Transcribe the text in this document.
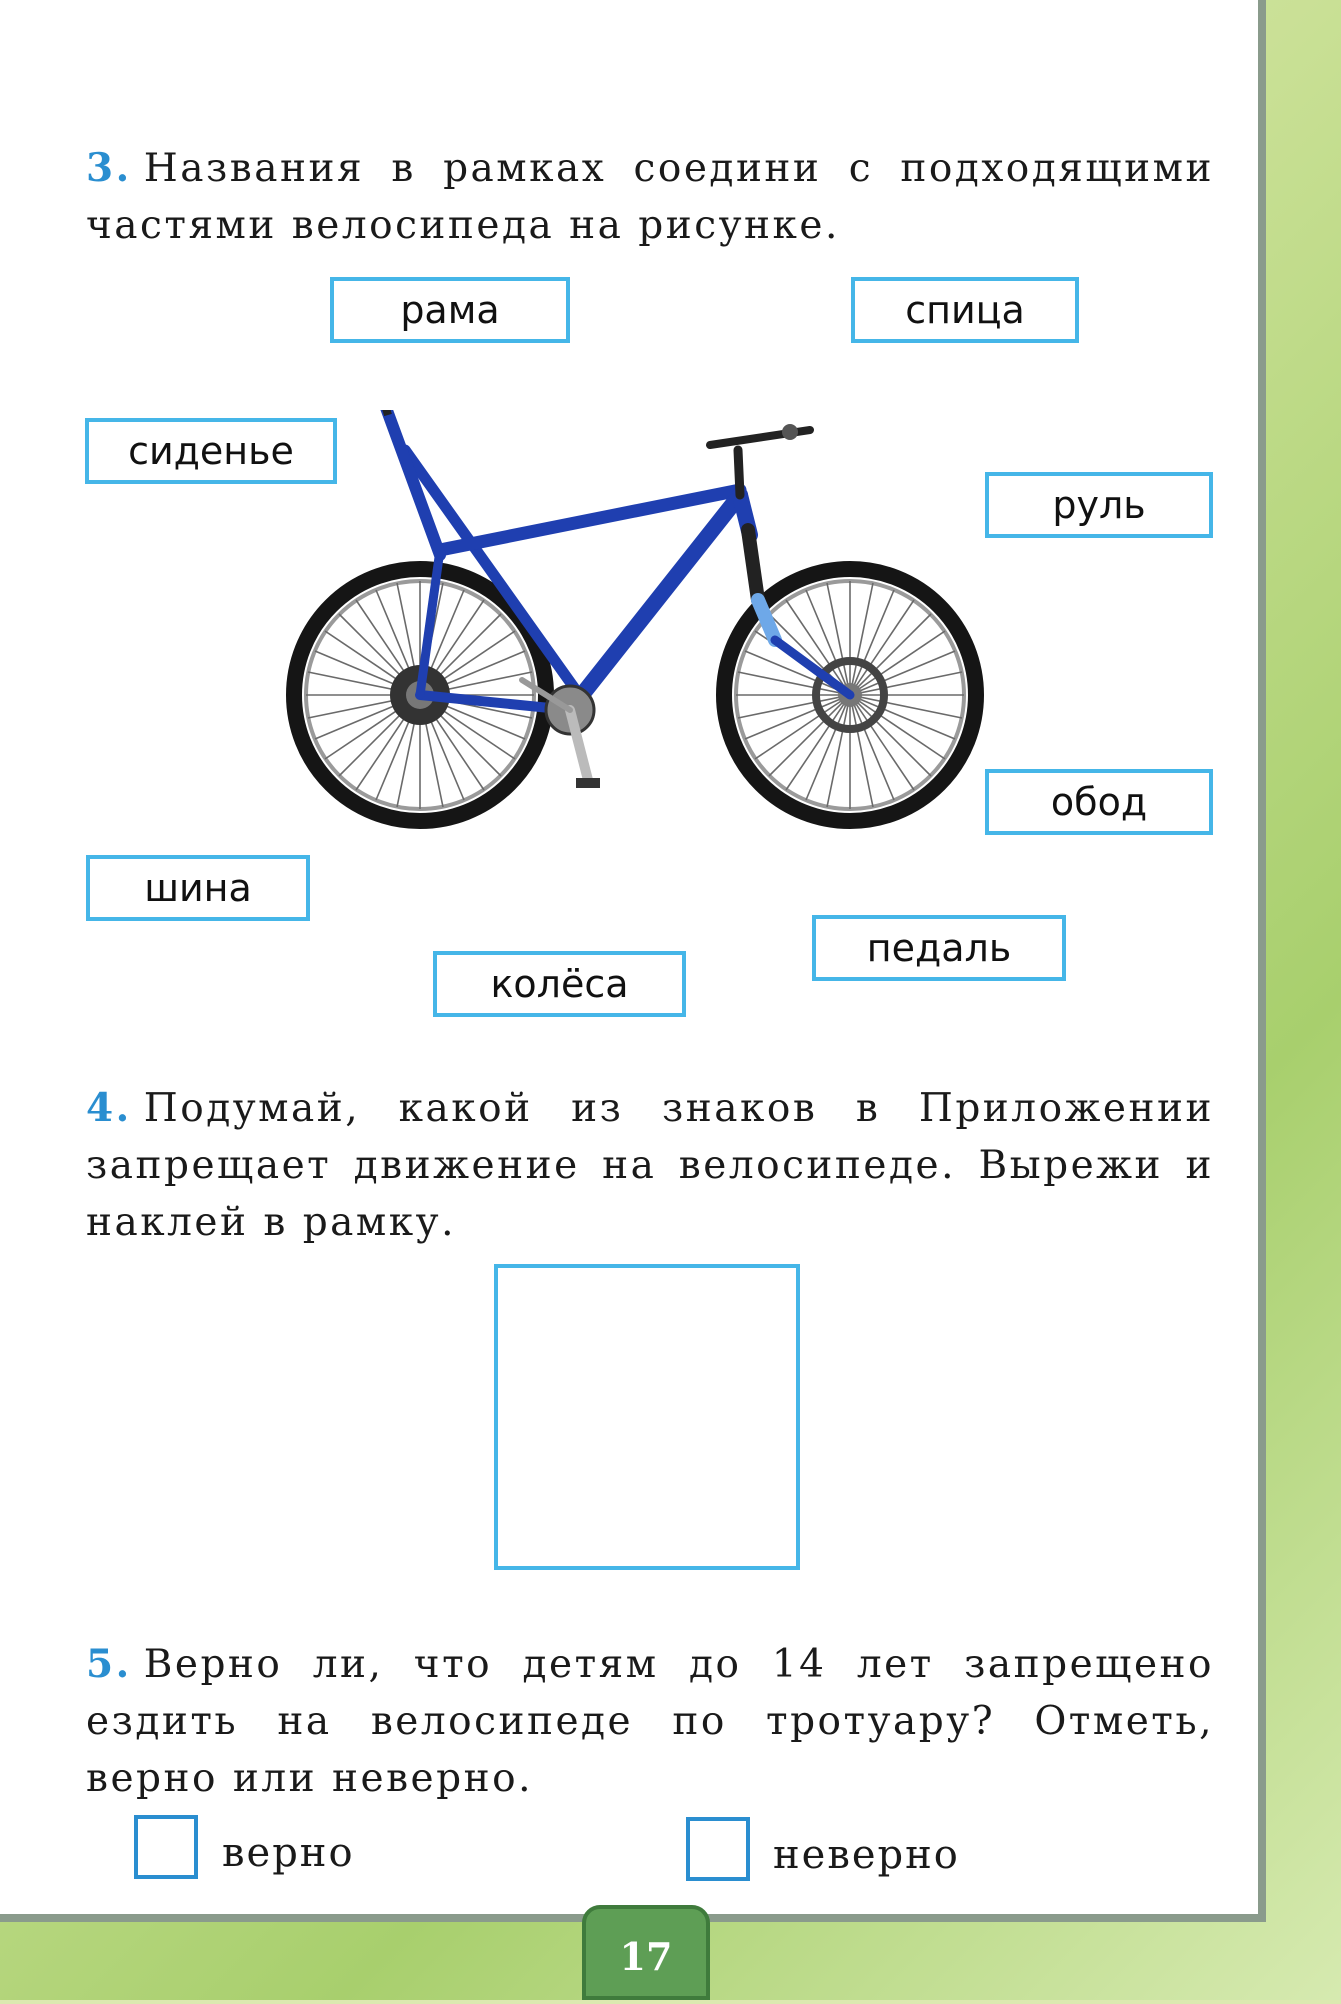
3. Названия в рамках соедини с подходящими частями велосипеда на рисунке.
рама	спица
сиденье
руль
обод
шина
колёса
педаль
4. Подумай, какой из знаков в Приложении запрещает движение на велосипеде. Вырежи и наклей в рамку.
5. Верно ли, что детям до 14 лет запрещено ездить на велосипеде по тротуару? Отметь, верно или неверно.
верно	неверно
17
